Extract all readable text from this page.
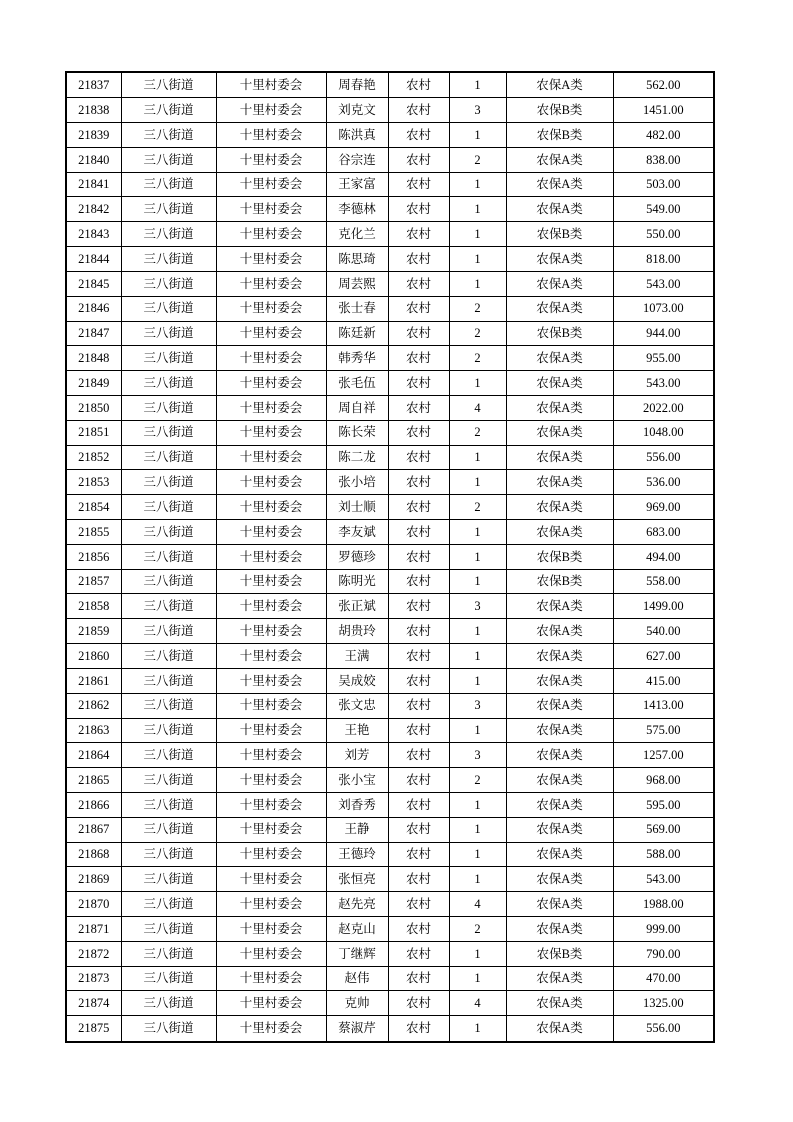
21837	三八街道	十里村委会	周春艳	农村	1	农保A类	562.00
21838	三八街道	十里村委会	刘克文	农村	3	农保B类	1451.00
21839	三八街道	十里村委会	陈洪真	农村	1	农保B类	482.00
21840	三八街道	十里村委会	谷宗连	农村	2	农保A类	838.00
21841	三八街道	十里村委会	王家富	农村	1	农保A类	503.00
21842	三八街道	十里村委会	李德林	农村	1	农保A类	549.00
21843	三八街道	十里村委会	克化兰	农村	1	农保B类	550.00
21844	三八街道	十里村委会	陈思琦	农村	1	农保A类	818.00
21845	三八街道	十里村委会	周芸熙	农村	1	农保A类	543.00
21846	三八街道	十里村委会	张士春	农村	2	农保A类	1073.00
21847	三八街道	十里村委会	陈廷新	农村	2	农保B类	944.00
21848	三八街道	十里村委会	韩秀华	农村	2	农保A类	955.00
21849	三八街道	十里村委会	张毛伍	农村	1	农保A类	543.00
21850	三八街道	十里村委会	周自祥	农村	4	农保A类	2022.00
21851	三八街道	十里村委会	陈长荣	农村	2	农保A类	1048.00
21852	三八街道	十里村委会	陈二龙	农村	1	农保A类	556.00
21853	三八街道	十里村委会	张小培	农村	1	农保A类	536.00
21854	三八街道	十里村委会	刘士顺	农村	2	农保A类	969.00
21855	三八街道	十里村委会	李友斌	农村	1	农保A类	683.00
21856	三八街道	十里村委会	罗德珍	农村	1	农保B类	494.00
21857	三八街道	十里村委会	陈明光	农村	1	农保B类	558.00
21858	三八街道	十里村委会	张正斌	农村	3	农保A类	1499.00
21859	三八街道	十里村委会	胡贵玲	农村	1	农保A类	540.00
21860	三八街道	十里村委会	王满	农村	1	农保A类	627.00
21861	三八街道	十里村委会	吴成姣	农村	1	农保A类	415.00
21862	三八街道	十里村委会	张文忠	农村	3	农保A类	1413.00
21863	三八街道	十里村委会	王艳	农村	1	农保A类	575.00
21864	三八街道	十里村委会	刘芳	农村	3	农保A类	1257.00
21865	三八街道	十里村委会	张小宝	农村	2	农保A类	968.00
21866	三八街道	十里村委会	刘香秀	农村	1	农保A类	595.00
21867	三八街道	十里村委会	王静	农村	1	农保A类	569.00
21868	三八街道	十里村委会	王德玲	农村	1	农保A类	588.00
21869	三八街道	十里村委会	张恒亮	农村	1	农保A类	543.00
21870	三八街道	十里村委会	赵先亮	农村	4	农保A类	1988.00
21871	三八街道	十里村委会	赵克山	农村	2	农保A类	999.00
21872	三八街道	十里村委会	丁继辉	农村	1	农保B类	790.00
21873	三八街道	十里村委会	赵伟	农村	1	农保A类	470.00
21874	三八街道	十里村委会	克帅	农村	4	农保A类	1325.00
21875	三八街道	十里村委会	蔡淑芹	农村	1	农保A类	556.00
